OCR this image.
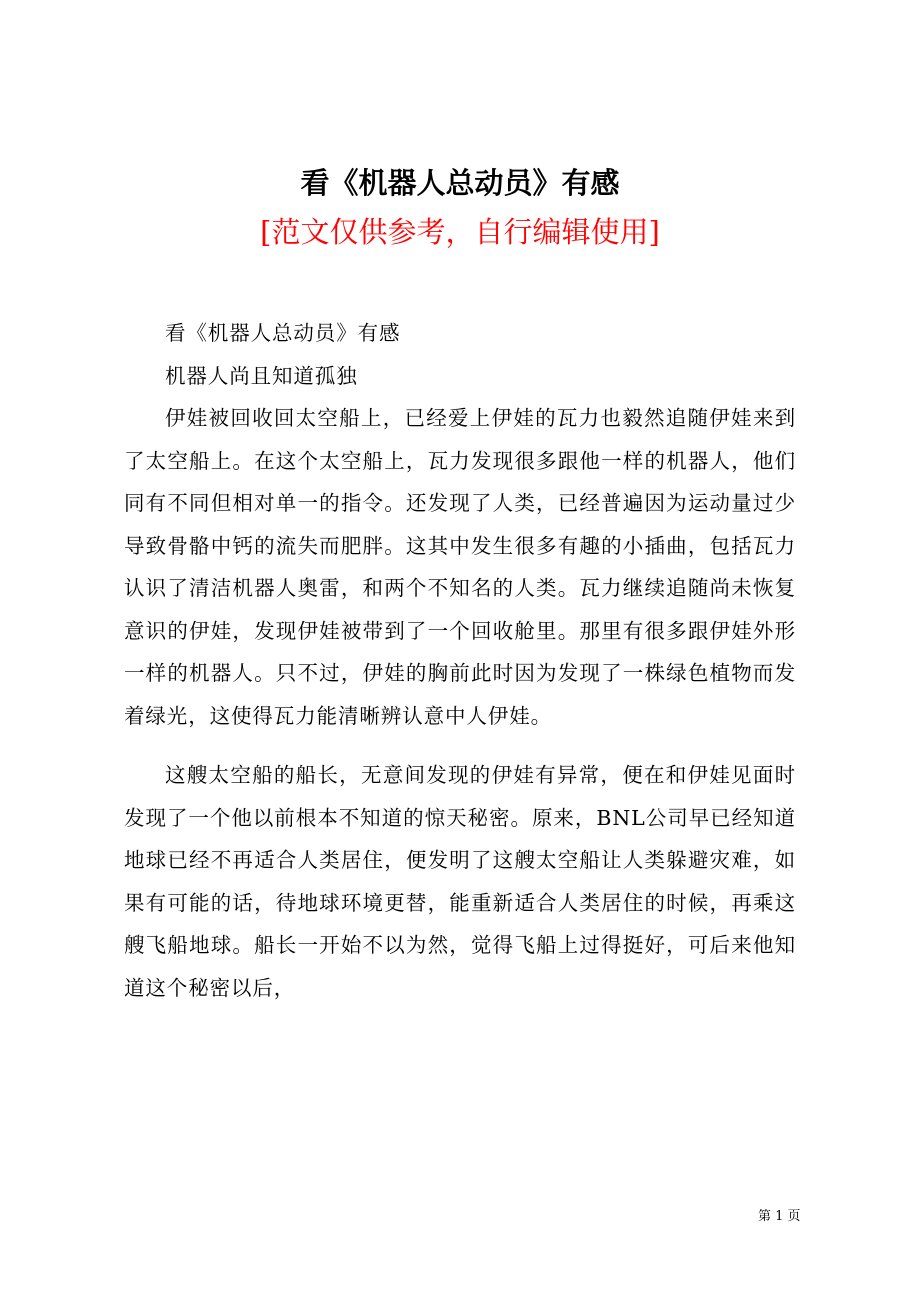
看《机器人总动员》有感
[范文仅供参考，自行编辑使用]

看《机器人总动员》有感

机器人尚且知道孤独

伊娃被回收回太空船上，已经爱上伊娃的瓦力也毅然追随伊娃来到了太空船上。在这个太空船上，瓦力发现很多跟他一样的机器人，他们同有不同但相对单一的指令。还发现了人类，已经普遍因为运动量过少导致骨骼中钙的流失而肥胖。这其中发生很多有趣的小插曲，包括瓦力认识了清洁机器人奥雷，和两个不知名的人类。瓦力继续追随尚未恢复意识的伊娃，发现伊娃被带到了一个回收舱里。那里有很多跟伊娃外形一样的机器人。只不过，伊娃的胸前此时因为发现了一株绿色植物而发着绿光，这使得瓦力能清晰辨认意中人伊娃。

这艘太空船的船长，无意间发现的伊娃有异常，便在和伊娃见面时发现了一个他以前根本不知道的惊天秘密。原来，BNL公司早已经知道地球已经不再适合人类居住，便发明了这艘太空船让人类躲避灾难，如果有可能的话，待地球环境更替，能重新适合人类居住的时候，再乘这艘飞船地球。船长一开始不以为然，觉得飞船上过得挺好，可后来他知道这个秘密以后，

第 1 页
